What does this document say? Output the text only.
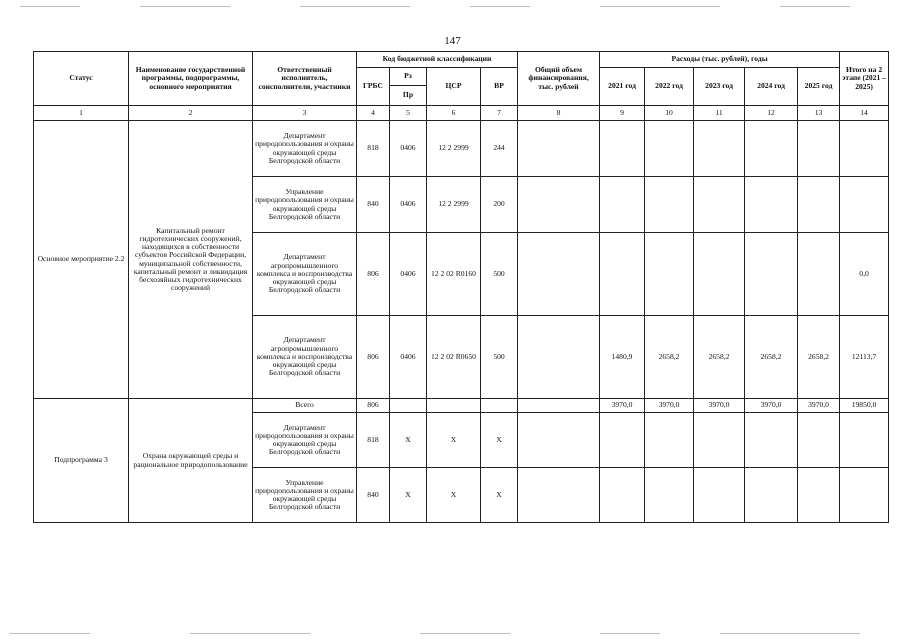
147
Статус	Наименование государственной программы, подпрограммы, основного мероприятия	Ответственный исполнитель, соисполнители, участники	Код бюджетной классификации				Общий объем финансирования, тыс. рублей	Расходы (тыс. рублей), годы					Итого на 2 этапе (2021 – 2025)
			ГРБС	Рз	ЦСР	ВР		2021 год	2022 год	2023 год	2024 год	2025 год	
				Пр									
1	2	3	4	5	6	7	8	9	10	11	12	13	14
Основное мероприятие 2.2	Капитальный ремонт гидротехнических сооружений, находящихся в собственности субъектов Российской Федерации, муниципальной собственности, капитальный ремонт и ликвидация бесхозяйных гидротехнических сооружений	Департамент природопользования и охраны окружающей среды Белгородской области	818	0406	12 2 2999	244							
		Управление природопользования и охраны окружающей среды Белгородской области	840	0406	12 2 2999	200							
		Департамент агропромышленного комплекса и воспроизводства окружающей среды Белгородской области	806	0406	12 2 02 R0160	500							0,0
		Департамент агропромышленного комплекса и воспроизводства окружающей среды Белгородской области	806	0406	12 2 02 R0650	500		1480,9	2658,2	2658,2	2658,2	2658,2	12113,7
Подпрограмма 3	Охрана окружающей среды и рациональное природопользование	Всего	806					3970,0	3970,0	3970,0	3970,0	3970,0	19850,0
		Департамент природопользования и охраны окружающей среды Белгородской области	818	Х	Х	Х							
		Управление природопользования и охраны окружающей среды Белгородской области	840	Х	Х	Х							
